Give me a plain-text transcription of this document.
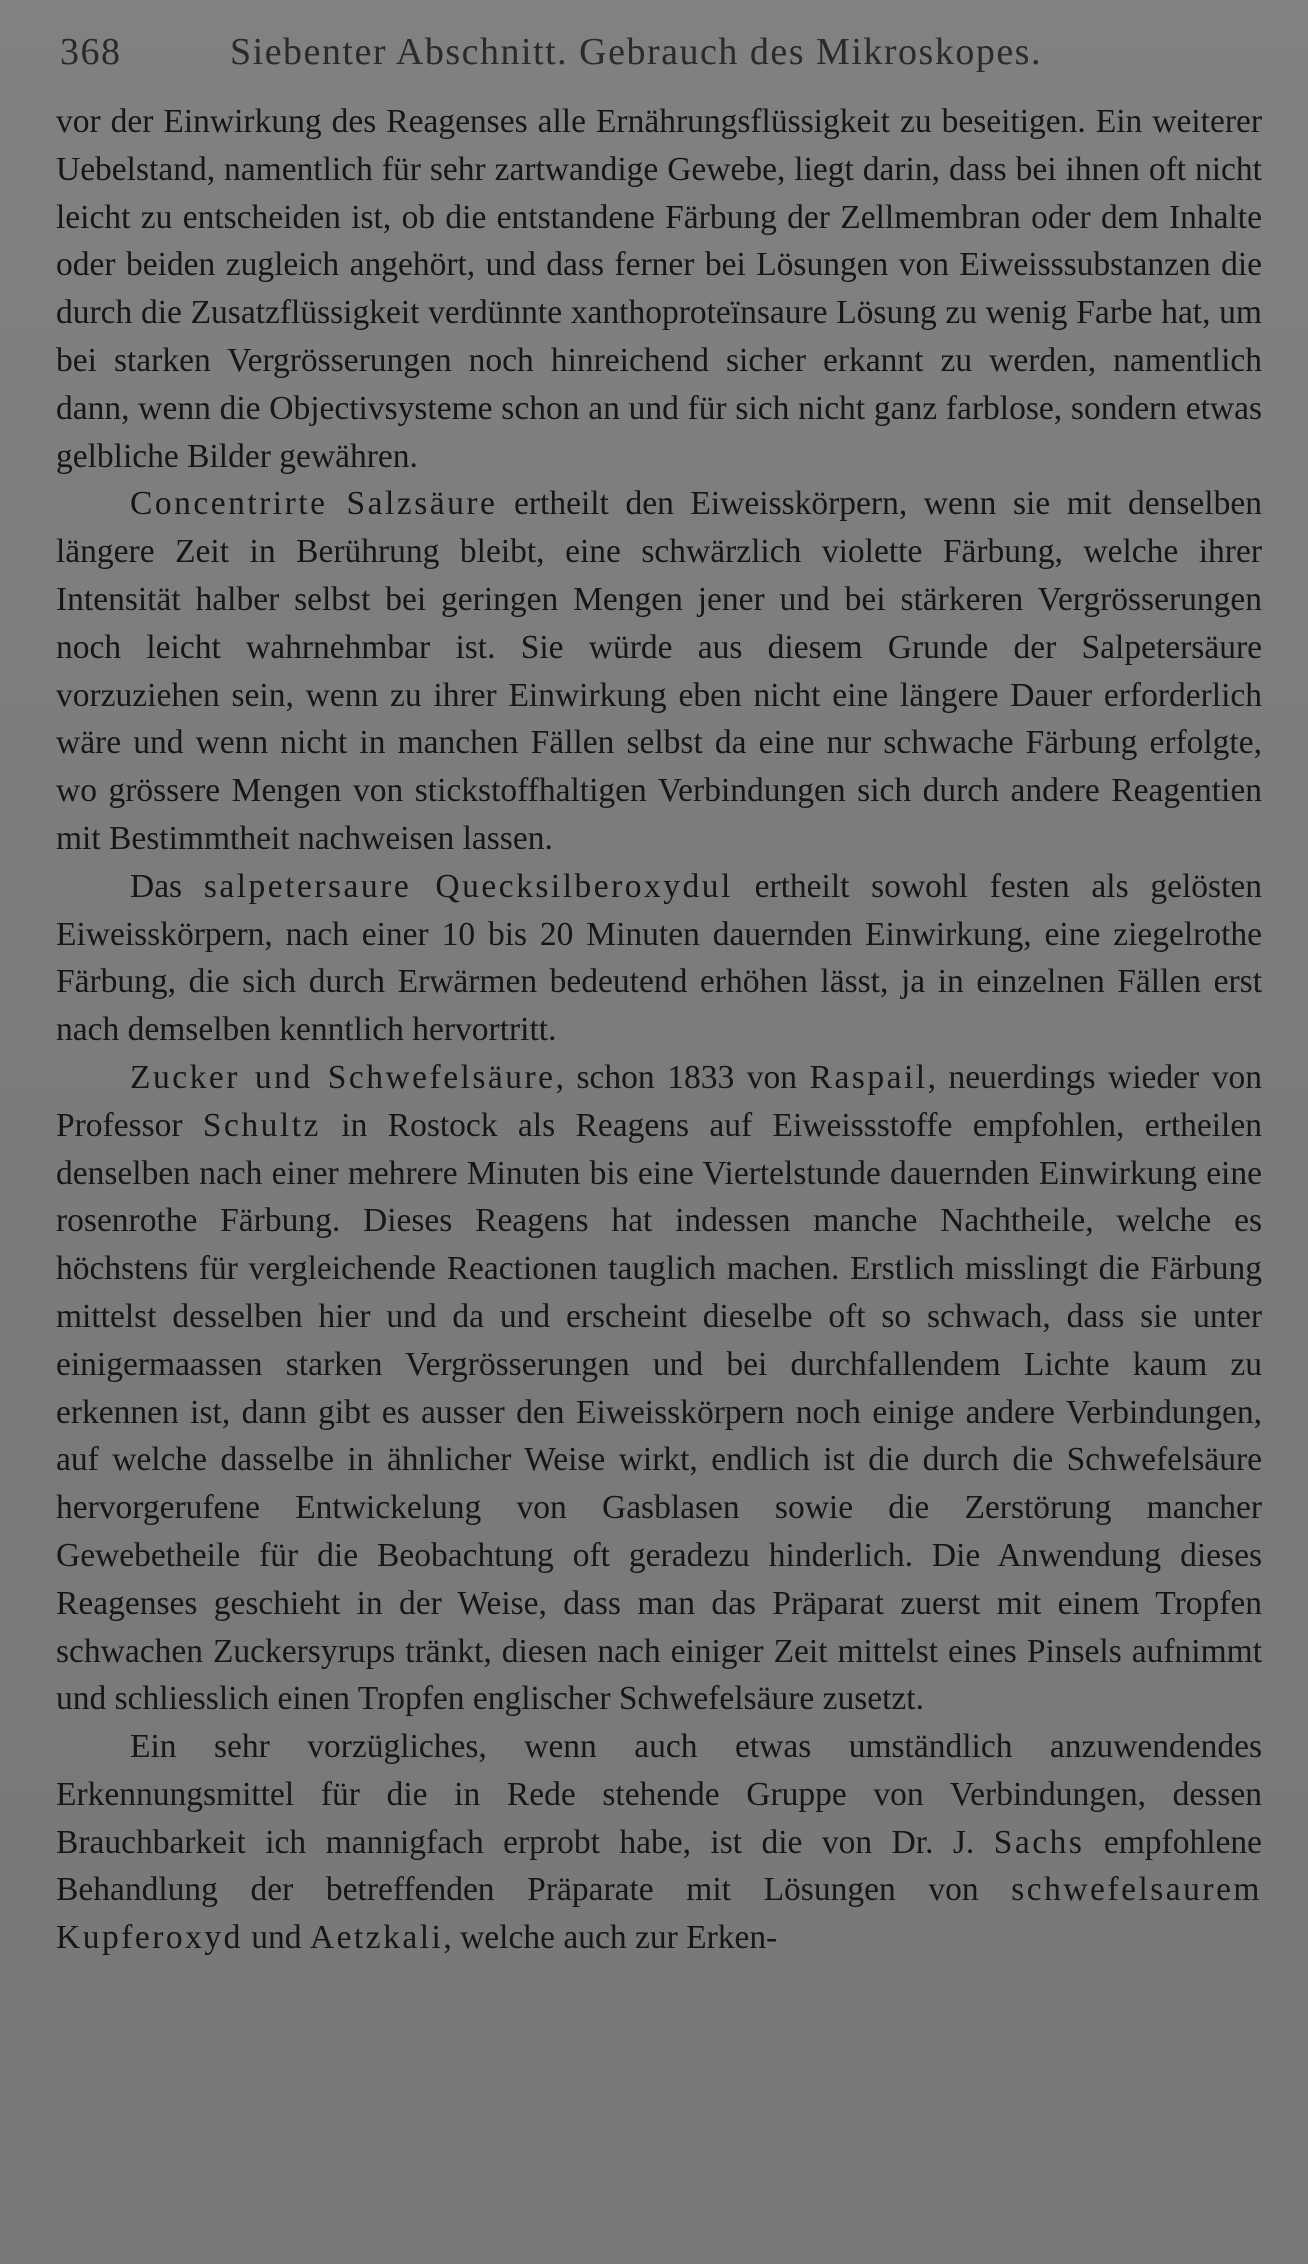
368	Siebenter Abschnitt. Gebrauch des Mikroskopes.

vor der Einwirkung des Reagenses alle Ernährungsflüssigkeit zu beseitigen. Ein weiterer Uebelstand, namentlich für sehr zartwandige Gewebe, liegt darin, dass bei ihnen oft nicht leicht zu entscheiden ist, ob die entstandene Färbung der Zellmembran oder dem Inhalte oder beiden zugleich angehört, und dass ferner bei Lösungen von Eiweisssubstanzen die durch die Zusatzflüssigkeit verdünnte xanthoproteïnsaure Lösung zu wenig Farbe hat, um bei starken Vergrösserungen noch hinreichend sicher erkannt zu werden, namentlich dann, wenn die Objectivsysteme schon an und für sich nicht ganz farblose, sondern etwas gelbliche Bilder gewähren.

Concentrirte Salzsäure ertheilt den Eiweisskörpern, wenn sie mit denselben längere Zeit in Berührung bleibt, eine schwärzlich violette Färbung, welche ihrer Intensität halber selbst bei geringen Mengen jener und bei stärkeren Vergrösserungen noch leicht wahrnehmbar ist. Sie würde aus diesem Grunde der Salpetersäure vorzuziehen sein, wenn zu ihrer Einwirkung eben nicht eine längere Dauer erforderlich wäre und wenn nicht in manchen Fällen selbst da eine nur schwache Färbung erfolgte, wo grössere Mengen von stickstoffhaltigen Verbindungen sich durch andere Reagentien mit Bestimmtheit nachweisen lassen.

Das salpetersaure Quecksilberoxydul ertheilt sowohl festen als gelösten Eiweisskörpern, nach einer 10 bis 20 Minuten dauernden Einwirkung, eine ziegelrothe Färbung, die sich durch Erwärmen bedeutend erhöhen lässt, ja in einzelnen Fällen erst nach demselben kenntlich hervortritt.

Zucker und Schwefelsäure, schon 1833 von Raspail, neuerdings wieder von Professor Schultz in Rostock als Reagens auf Eiweissstoffe empfohlen, ertheilen denselben nach einer mehrere Minuten bis eine Viertelstunde dauernden Einwirkung eine rosenrothe Färbung. Dieses Reagens hat indessen manche Nachtheile, welche es höchstens für vergleichende Reactionen tauglich machen. Erstlich misslingt die Färbung mittelst desselben hier und da und erscheint dieselbe oft so schwach, dass sie unter einigermaassen starken Vergrösserungen und bei durchfallendem Lichte kaum zu erkennen ist, dann gibt es ausser den Eiweisskörpern noch einige andere Verbindungen, auf welche dasselbe in ähnlicher Weise wirkt, endlich ist die durch die Schwefelsäure hervorgerufene Entwickelung von Gasblasen sowie die Zerstörung mancher Gewebetheile für die Beobachtung oft geradezu hinderlich. Die Anwendung dieses Reagenses geschieht in der Weise, dass man das Präparat zuerst mit einem Tropfen schwachen Zuckersyrups tränkt, diesen nach einiger Zeit mittelst eines Pinsels aufnimmt und schliesslich einen Tropfen englischer Schwefelsäure zusetzt.

Ein sehr vorzügliches, wenn auch etwas umständlich anzuwendendes Erkennungsmittel für die in Rede stehende Gruppe von Verbindungen, dessen Brauchbarkeit ich mannigfach erprobt habe, ist die von Dr. J. Sachs empfohlene Behandlung der betreffenden Präparate mit Lösungen von schwefelsaurem Kupferoxyd und Aetzkali, welche auch zur Erken-
